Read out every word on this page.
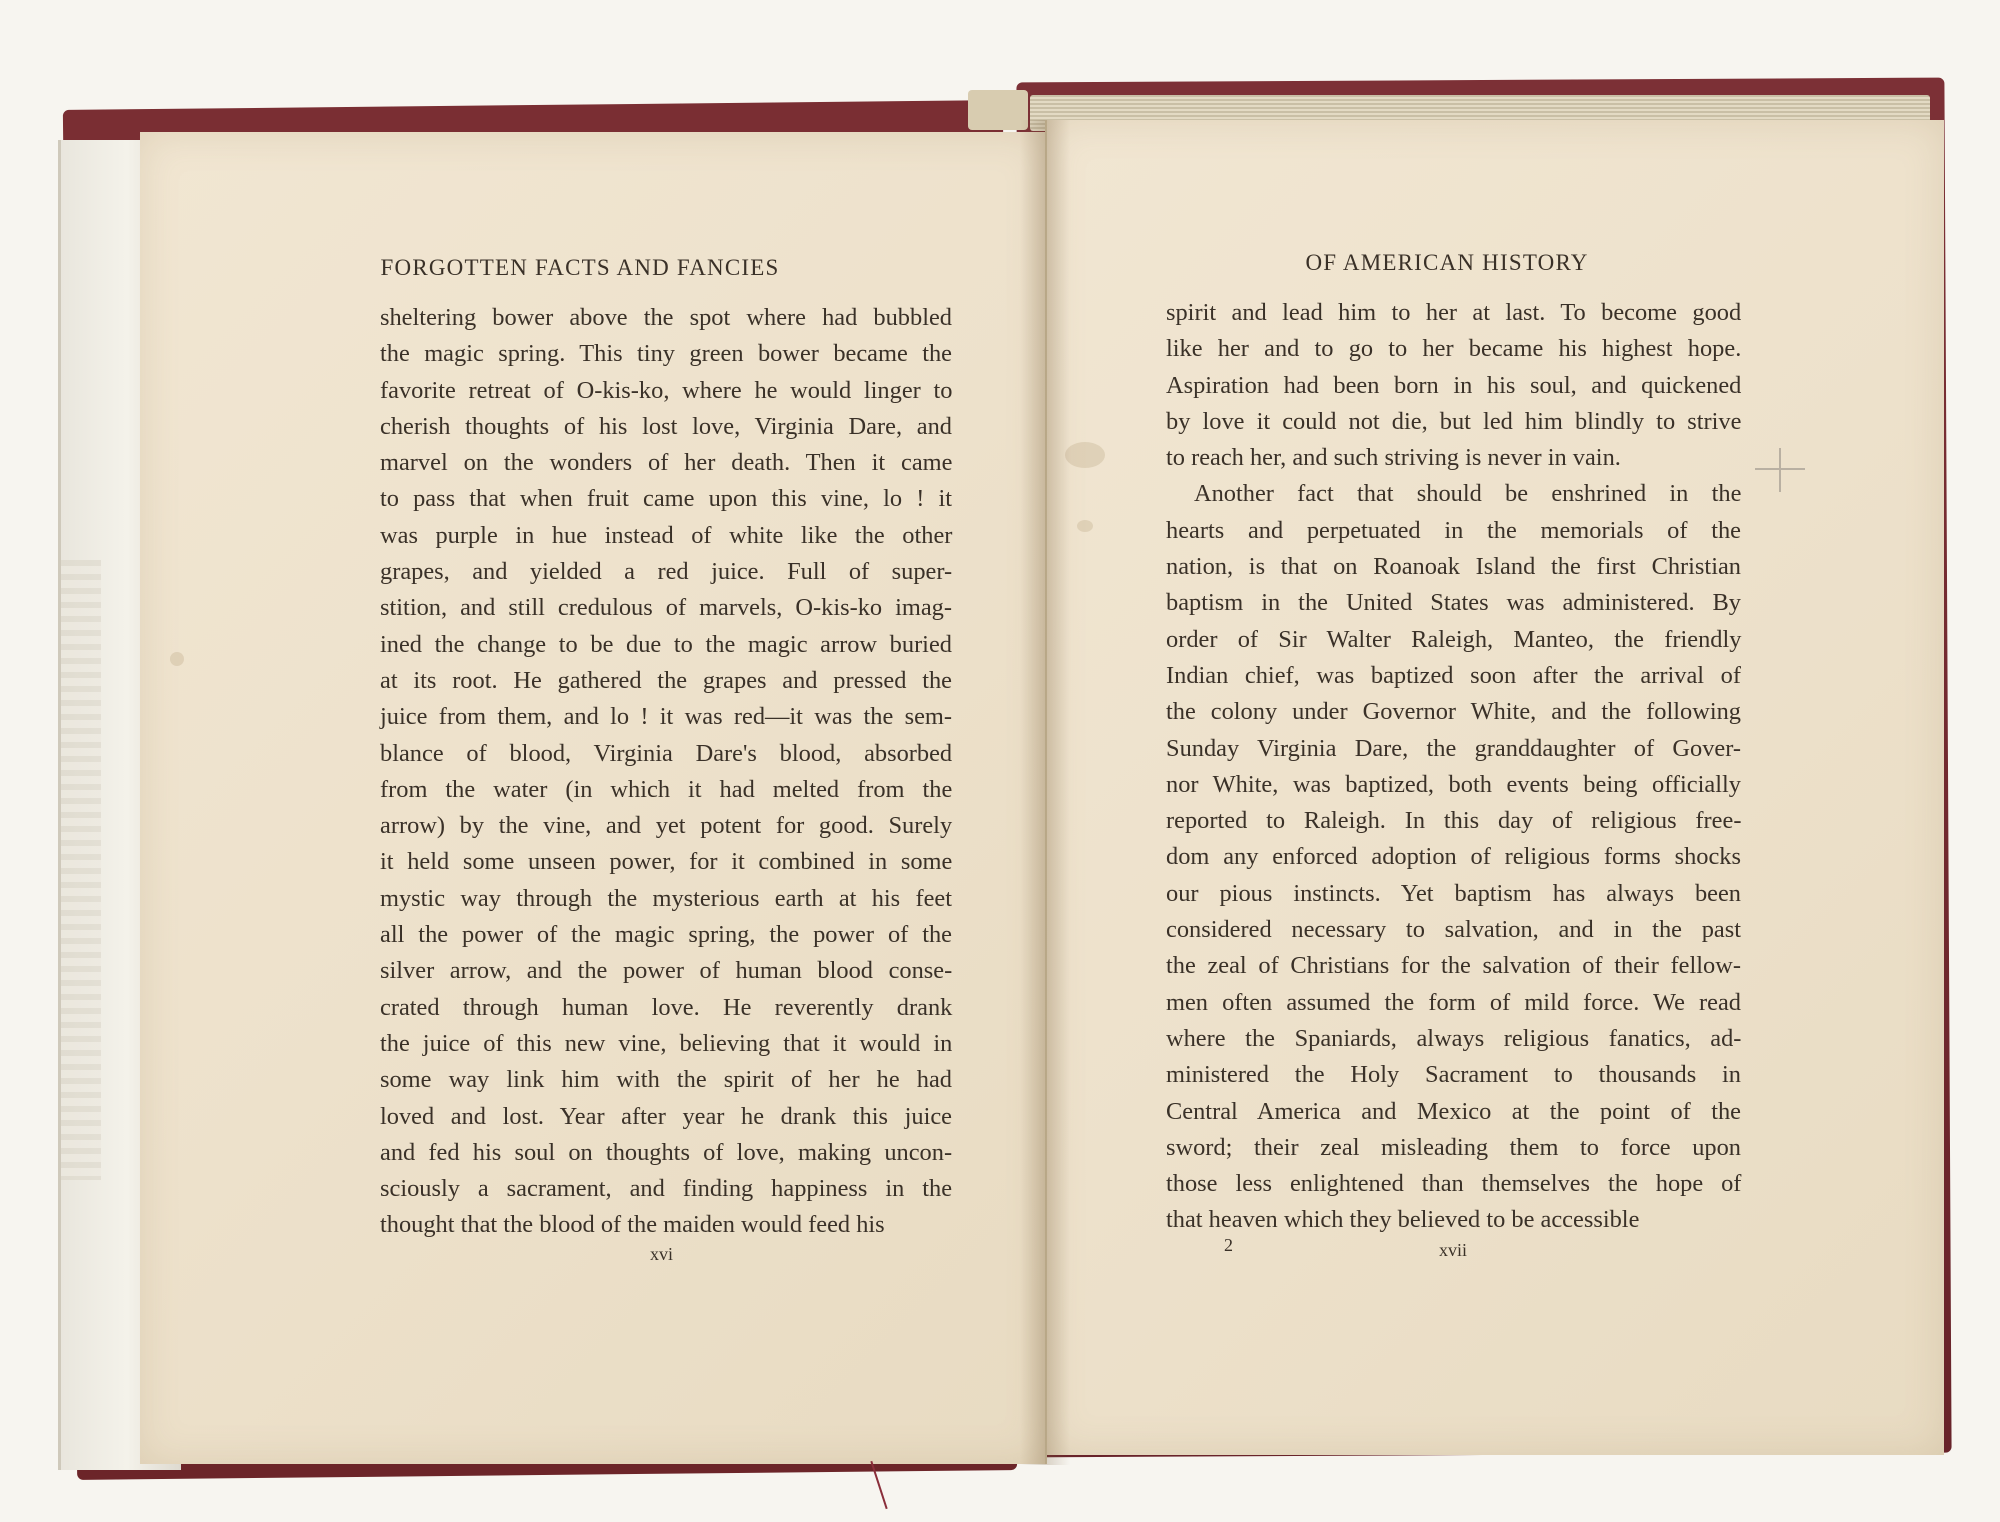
FORGOTTEN FACTS AND FANCIES
sheltering bower above the spot where had bubbled
the magic spring. This tiny green bower became the
favorite retreat of O-kis-ko, where he would linger to
cherish thoughts of his lost love, Virginia Dare, and
marvel on the wonders of her death. Then it came
to pass that when fruit came upon this vine, lo ! it
was purple in hue instead of white like the other
grapes, and yielded a red juice. Full of super-
stition, and still credulous of marvels, O-kis-ko imag-
ined the change to be due to the magic arrow buried
at its root. He gathered the grapes and pressed the
juice from them, and lo ! it was red—it was the sem-
blance of blood, Virginia Dare's blood, absorbed
from the water (in which it had melted from the
arrow) by the vine, and yet potent for good. Surely
it held some unseen power, for it combined in some
mystic way through the mysterious earth at his feet
all the power of the magic spring, the power of the
silver arrow, and the power of human blood conse-
crated through human love. He reverently drank
the juice of this new vine, believing that it would in
some way link him with the spirit of her he had
loved and lost. Year after year he drank this juice
and fed his soul on thoughts of love, making uncon-
sciously a sacrament, and finding happiness in the
thought that the blood of the maiden would feed his
xvi
OF AMERICAN HISTORY
spirit and lead him to her at last. To become good
like her and to go to her became his highest hope.
Aspiration had been born in his soul, and quickened
by love it could not die, but led him blindly to strive
to reach her, and such striving is never in vain.
Another fact that should be enshrined in the
hearts and perpetuated in the memorials of the
nation, is that on Roanoak Island the first Christian
baptism in the United States was administered. By
order of Sir Walter Raleigh, Manteo, the friendly
Indian chief, was baptized soon after the arrival of
the colony under Governor White, and the following
Sunday Virginia Dare, the granddaughter of Gover-
nor White, was baptized, both events being officially
reported to Raleigh. In this day of religious free-
dom any enforced adoption of religious forms shocks
our pious instincts. Yet baptism has always been
considered necessary to salvation, and in the past
the zeal of Christians for the salvation of their fellow-
men often assumed the form of mild force. We read
where the Spaniards, always religious fanatics, ad-
ministered the Holy Sacrament to thousands in
Central America and Mexico at the point of the
sword; their zeal misleading them to force upon
those less enlightened than themselves the hope of
that heaven which they believed to be accessible
2	xvii
